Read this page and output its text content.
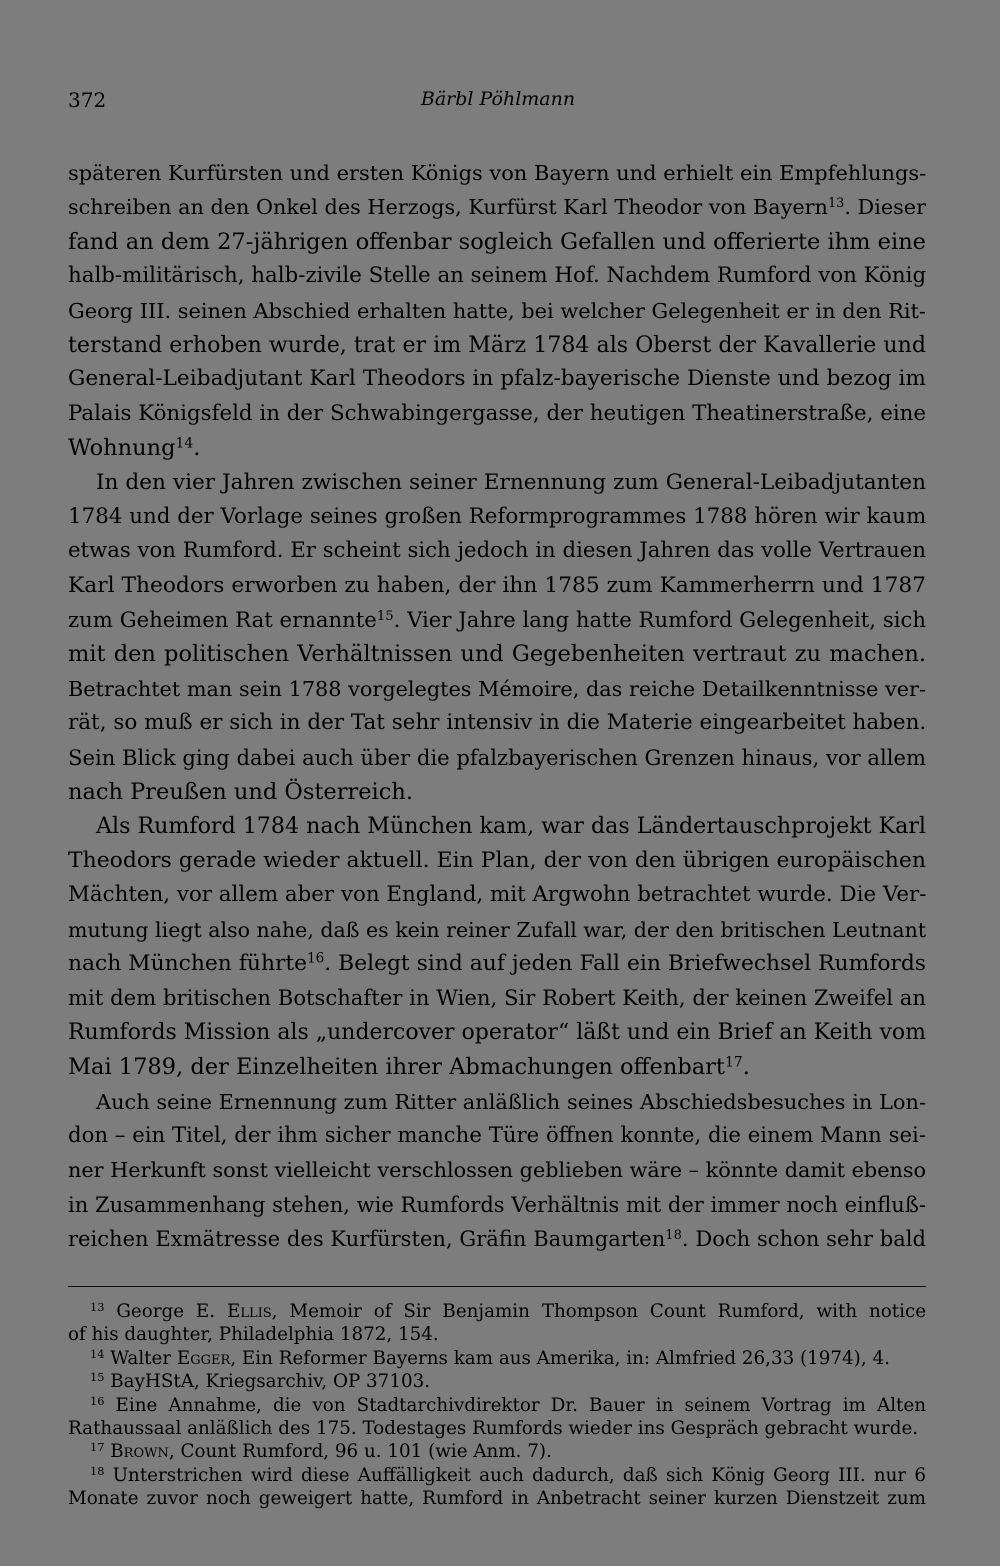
372	Bärbl Pöhlmann
späteren Kurfürsten und ersten Königs von Bayern und erhielt ein Empfehlungs-
schreiben an den Onkel des Herzogs, Kurfürst Karl Theodor von Bayern$^{13}$. Dieser
fand an dem 27-jährigen offenbar sogleich Gefallen und offerierte ihm eine
halb-militärisch, halb-zivile Stelle an seinem Hof. Nachdem Rumford von König
Georg III. seinen Abschied erhalten hatte, bei welcher Gelegenheit er in den Rit-
terstand erhoben wurde, trat er im März 1784 als Oberst der Kavallerie und
General-Leibadjutant Karl Theodors in pfalz-bayerische Dienste und bezog im
Palais Königsfeld in der Schwabingergasse, der heutigen Theatinerstraße, eine
Wohnung$^{14}$.
In den vier Jahren zwischen seiner Ernennung zum General-Leibadjutanten
1784 und der Vorlage seines großen Reformprogrammes 1788 hören wir kaum
etwas von Rumford. Er scheint sich jedoch in diesen Jahren das volle Vertrauen
Karl Theodors erworben zu haben, der ihn 1785 zum Kammerherrn und 1787
zum Geheimen Rat ernannte$^{15}$. Vier Jahre lang hatte Rumford Gelegenheit, sich
mit den politischen Verhältnissen und Gegebenheiten vertraut zu machen.
Betrachtet man sein 1788 vorgelegtes Mémoire, das reiche Detailkenntnisse ver-
rät, so muß er sich in der Tat sehr intensiv in die Materie eingearbeitet haben.
Sein Blick ging dabei auch über die pfalzbayerischen Grenzen hinaus, vor allem
nach Preußen und Österreich.
Als Rumford 1784 nach München kam, war das Ländertauschprojekt Karl
Theodors gerade wieder aktuell. Ein Plan, der von den übrigen europäischen
Mächten, vor allem aber von England, mit Argwohn betrachtet wurde. Die Ver-
mutung liegt also nahe, daß es kein reiner Zufall war, der den britischen Leutnant
nach München führte$^{16}$. Belegt sind auf jeden Fall ein Briefwechsel Rumfords
mit dem britischen Botschafter in Wien, Sir Robert Keith, der keinen Zweifel an
Rumfords Mission als „undercover operator“ läßt und ein Brief an Keith vom
Mai 1789, der Einzelheiten ihrer Abmachungen offenbart$^{17}$.
Auch seine Ernennung zum Ritter anläßlich seines Abschiedsbesuches in Lon-
don – ein Titel, der ihm sicher manche Türe öffnen konnte, die einem Mann sei-
ner Herkunft sonst vielleicht verschlossen geblieben wäre – könnte damit ebenso
in Zusammenhang stehen, wie Rumfords Verhältnis mit der immer noch einfluß-
reichen Exmätresse des Kurfürsten, Gräfin Baumgarten$^{18}$. Doch schon sehr bald
$^{13}$ George E. Ellis, Memoir of Sir Benjamin Thompson Count Rumford, with notice
of his daughter, Philadelphia 1872, 154.
$^{14}$ Walter Egger, Ein Reformer Bayerns kam aus Amerika, in: Almfried 26,33 (1974), 4.
$^{15}$ BayHStA, Kriegsarchiv, OP 37103.
$^{16}$ Eine Annahme, die von Stadtarchivdirektor Dr. Bauer in seinem Vortrag im Alten
Rathaussaal anläßlich des 175. Todestages Rumfords wieder ins Gespräch gebracht wurde.
$^{17}$ Brown, Count Rumford, 96 u. 101 (wie Anm. 7).
$^{18}$ Unterstrichen wird diese Auffälligkeit auch dadurch, daß sich König Georg III. nur 6
Monate zuvor noch geweigert hatte, Rumford in Anbetracht seiner kurzen Dienstzeit zum
